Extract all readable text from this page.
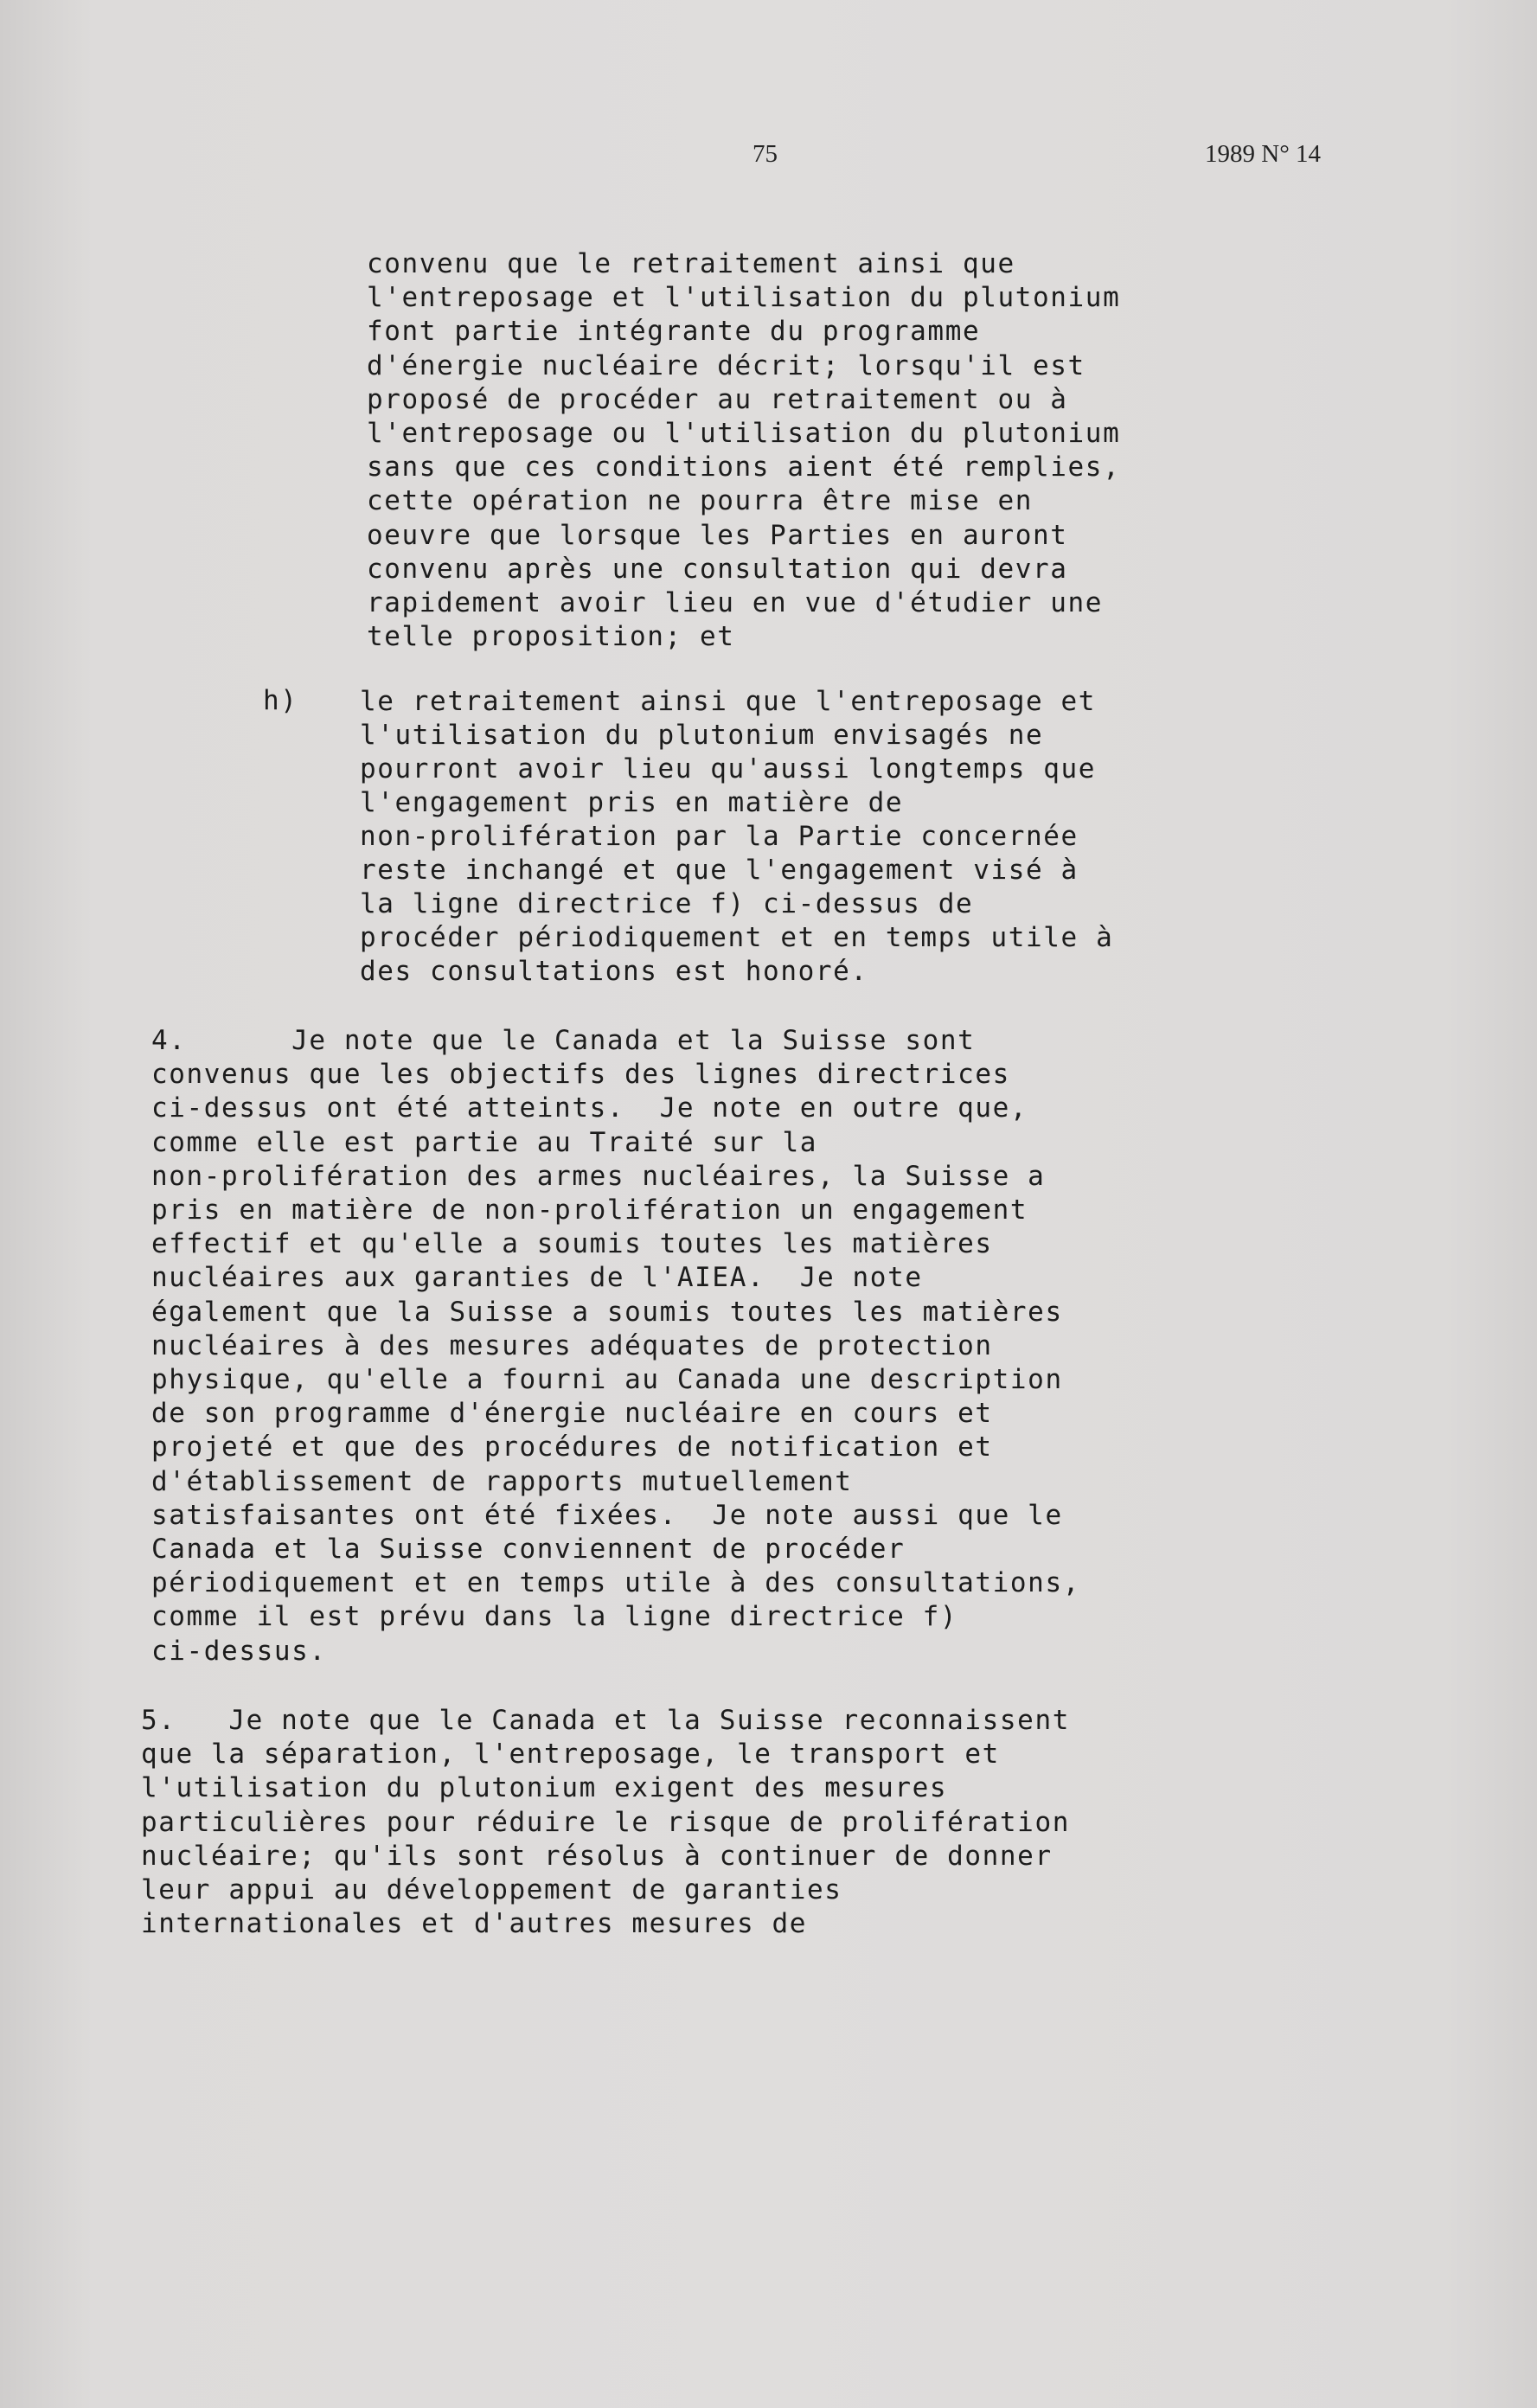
75	1989 N° 14
convenu que le retraitement ainsi que
l'entreposage et l'utilisation du plutonium
font partie intégrante du programme
d'énergie nucléaire décrit; lorsqu'il est
proposé de procéder au retraitement ou à
l'entreposage ou l'utilisation du plutonium
sans que ces conditions aient été remplies,
cette opération ne pourra être mise en
oeuvre que lorsque les Parties en auront
convenu après une consultation qui devra
rapidement avoir lieu en vue d'étudier une
telle proposition; et
h) le retraitement ainsi que l'entreposage et
l'utilisation du plutonium envisagés ne
pourront avoir lieu qu'aussi longtemps que
l'engagement pris en matière de
non-prolifération par la Partie concernée
reste inchangé et que l'engagement visé à
la ligne directrice f) ci-dessus de
procéder périodiquement et en temps utile à
des consultations est honoré.
4.      Je note que le Canada et la Suisse sont
convenus que les objectifs des lignes directrices
ci-dessus ont été atteints.  Je note en outre que,
comme elle est partie au Traité sur la
non-prolifération des armes nucléaires, la Suisse a
pris en matière de non-prolifération un engagement
effectif et qu'elle a soumis toutes les matières
nucléaires aux garanties de l'AIEA.  Je note
également que la Suisse a soumis toutes les matières
nucléaires à des mesures adéquates de protection
physique, qu'elle a fourni au Canada une description
de son programme d'énergie nucléaire en cours et
projeté et que des procédures de notification et
d'établissement de rapports mutuellement
satisfaisantes ont été fixées.  Je note aussi que le
Canada et la Suisse conviennent de procéder
périodiquement et en temps utile à des consultations,
comme il est prévu dans la ligne directrice f)
ci-dessus.
5.   Je note que le Canada et la Suisse reconnaissent
que la séparation, l'entreposage, le transport et
l'utilisation du plutonium exigent des mesures
particulières pour réduire le risque de prolifération
nucléaire; qu'ils sont résolus à continuer de donner
leur appui au développement de garanties
internationales et d'autres mesures de
